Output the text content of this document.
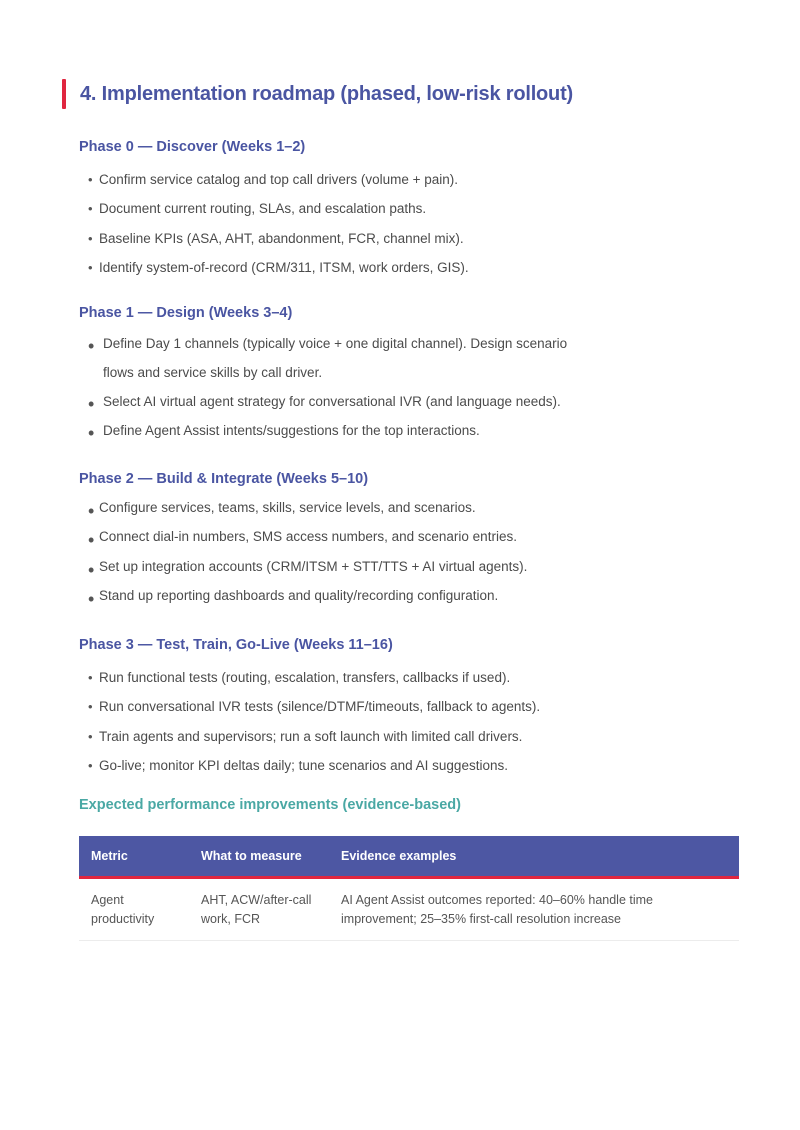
4. Implementation roadmap (phased, low-risk rollout)

Phase 0 — Discover (Weeks 1–2)

• Confirm service catalog and top call drivers (volume + pain).
• Document current routing, SLAs, and escalation paths.
• Baseline KPIs (ASA, AHT, abandonment, FCR, channel mix).
• Identify system-of-record (CRM/311, ITSM, work orders, GIS).

Phase 1 — Design (Weeks 3–4)

• Define Day 1 channels (typically voice + one digital channel). Design scenario flows and service skills by call driver.
• Select AI virtual agent strategy for conversational IVR (and language needs).
• Define Agent Assist intents/suggestions for the top interactions.

Phase 2 — Build & Integrate (Weeks 5–10)

• Configure services, teams, skills, service levels, and scenarios.
• Connect dial-in numbers, SMS access numbers, and scenario entries.
• Set up integration accounts (CRM/ITSM + STT/TTS + AI virtual agents).
• Stand up reporting dashboards and quality/recording configuration.

Phase 3 — Test, Train, Go-Live (Weeks 11–16)

• Run functional tests (routing, escalation, transfers, callbacks if used).
• Run conversational IVR tests (silence/DTMF/timeouts, fallback to agents).
• Train agents and supervisors; run a soft launch with limited call drivers.
• Go-live; monitor KPI deltas daily; tune scenarios and AI suggestions.
Expected performance improvements (evidence-based)
Metric	What to measure	Evidence examples
Agent productivity	AHT, ACW/after-call work, FCR	AI Agent Assist outcomes reported: 40–60% handle time improvement; 25–35% first-call resolution increase
